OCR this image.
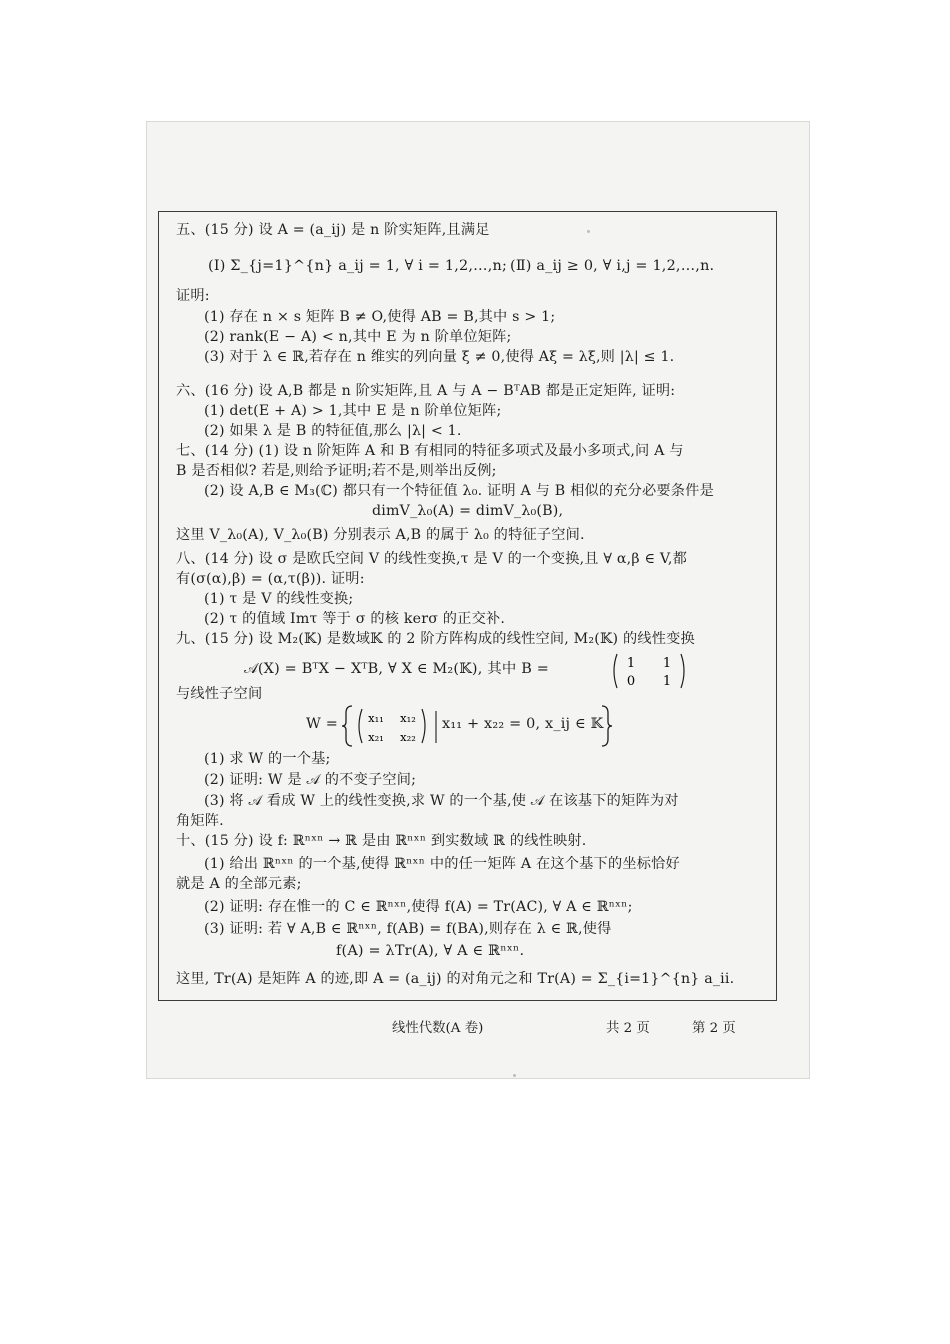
五、(15 分) 设 A = (a_ij) 是 n 阶实矩阵,且满足
(Ⅰ) Σ_{j=1}^{n} a_ij = 1, ∀ i = 1,2,…,n; (Ⅱ) a_ij ≥ 0, ∀ i,j = 1,2,…,n.
证明:
(1) 存在 n × s 矩阵 B ≠ O,使得 AB = B,其中 s > 1;
(2) rank(E − A) < n,其中 E 为 n 阶单位矩阵;
(3) 对于 λ ∈ ℝ,若存在 n 维实的列向量 ξ ≠ 0,使得 Aξ = λξ,则 |λ| ≤ 1.
六、(16 分) 设 A,B 都是 n 阶实矩阵,且 A 与 A − BᵀAB 都是正定矩阵, 证明:
(1) det(E + A) > 1,其中 E 是 n 阶单位矩阵;
(2) 如果 λ 是 B 的特征值,那么 |λ| < 1.
七、(14 分) (1) 设 n 阶矩阵 A 和 B 有相同的特征多项式及最小多项式,问 A 与
B 是否相似? 若是,则给予证明;若不是,则举出反例;
(2) 设 A,B ∈ M₃(ℂ) 都只有一个特征值 λ₀. 证明 A 与 B 相似的充分必要条件是
dimV_λ₀(A) = dimV_λ₀(B),
这里 V_λ₀(A), V_λ₀(B) 分别表示 A,B 的属于 λ₀ 的特征子空间.
八、(14 分) 设 σ 是欧氏空间 V 的线性变换,τ 是 V 的一个变换,且 ∀ α,β ∈ V,都
有(σ(α),β) = (α,τ(β)). 证明:
(1) τ 是 V 的线性变换;
(2) τ 的值域 Imτ 等于 σ 的核 kerσ 的正交补.
九、(15 分) 设 M₂(𝕂) 是数域𝕂 的 2 阶方阵构成的线性空间, M₂(𝕂) 的线性变换
𝒜(X) = BᵀX − XᵀB, ∀ X ∈ M₂(𝕂), 其中 B =	1 1
0 1
与线性子空间
W =	x₁₁ x₁₂
x₂₁ x₂₂
x₁₁ + x₂₂ = 0, x_ij ∈ 𝕂
(1) 求 W 的一个基;
(2) 证明: W 是 𝒜 的不变子空间;
(3) 将 𝒜 看成 W 上的线性变换,求 W 的一个基,使 𝒜 在该基下的矩阵为对
角矩阵.
十、(15 分) 设 f: ℝⁿˣⁿ → ℝ 是由 ℝⁿˣⁿ 到实数域 ℝ 的线性映射.
(1) 给出 ℝⁿˣⁿ 的一个基,使得 ℝⁿˣⁿ 中的任一矩阵 A 在这个基下的坐标恰好
就是 A 的全部元素;
(2) 证明: 存在惟一的 C ∈ ℝⁿˣⁿ,使得 f(A) = Tr(AC), ∀ A ∈ ℝⁿˣⁿ;
(3) 证明: 若 ∀ A,B ∈ ℝⁿˣⁿ, f(AB) = f(BA),则存在 λ ∈ ℝ,使得
f(A) = λTr(A), ∀ A ∈ ℝⁿˣⁿ.
这里, Tr(A) 是矩阵 A 的迹,即 A = (a_ij) 的对角元之和 Tr(A) = Σ_{i=1}^{n} a_ii.
线性代数(A 卷)	共 2 页	第 2 页
